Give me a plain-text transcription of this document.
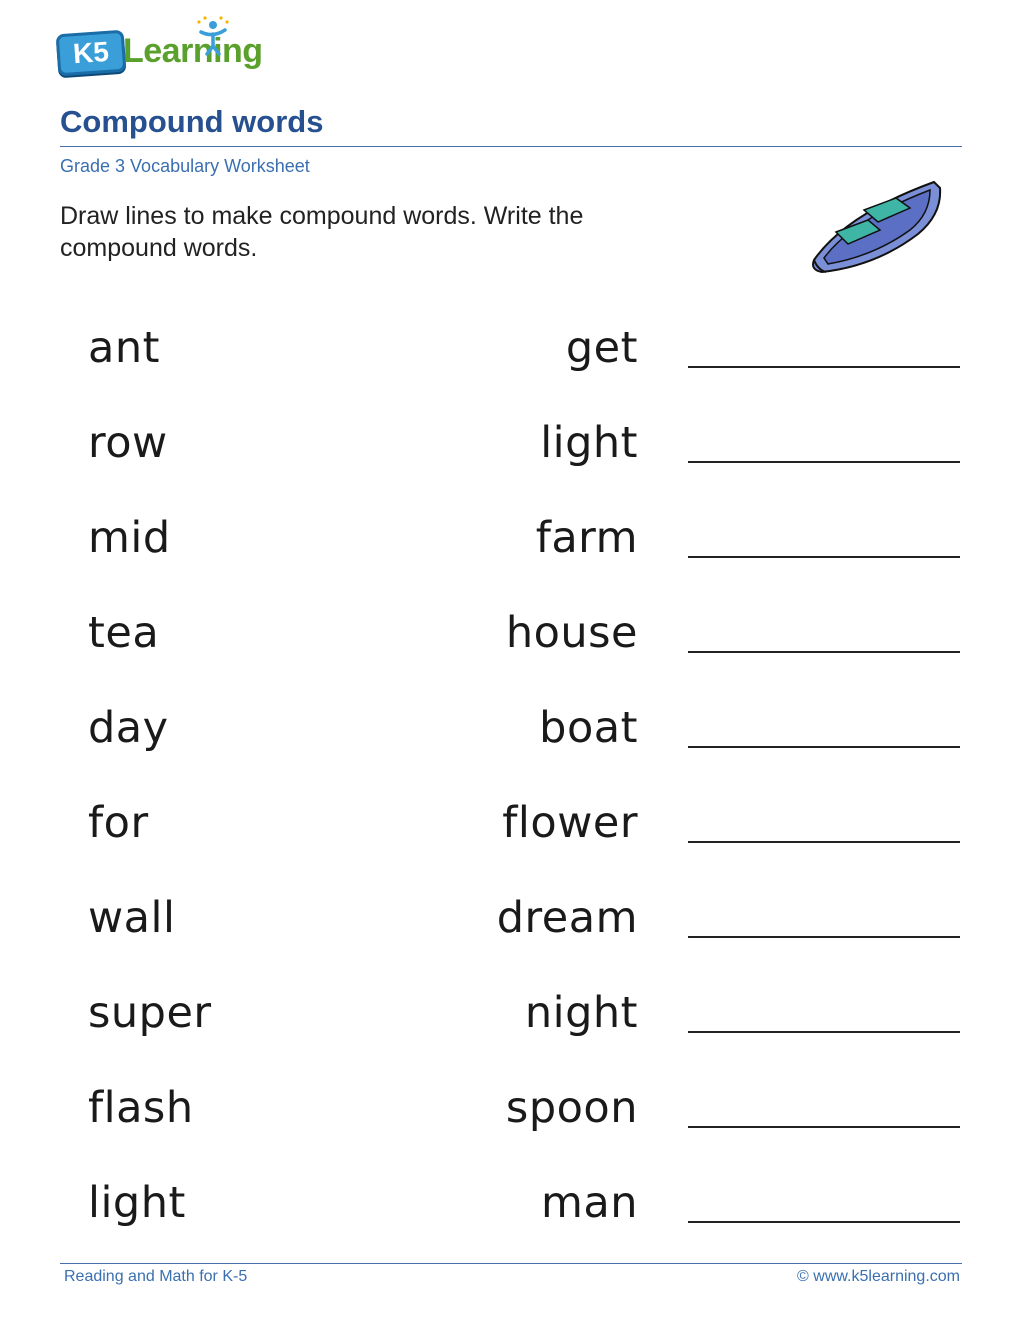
K5 Learning
Compound words
Grade 3 Vocabulary Worksheet
Draw lines to make compound words. Write the compound words.
ant	get
row	light
mid	farm
tea	house
day	boat
for	flower
wall	dream
super	night
flash	spoon
light	man
Reading and Math for K-5	© www.k5learning.com
